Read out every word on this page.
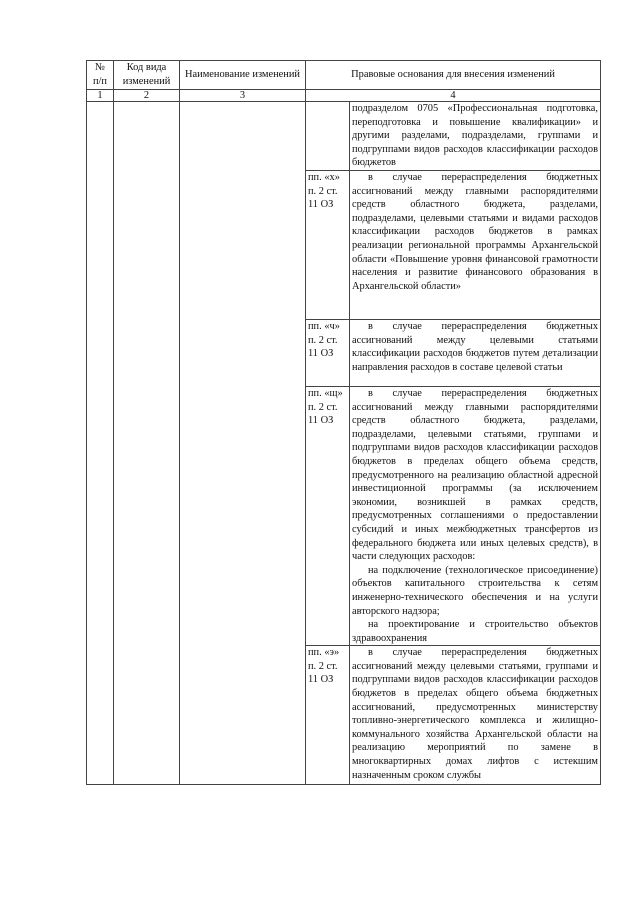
№ п/п	Код вида изменений	Наименование изменений	Правовые основания для внесения изменений	
1	2	3	4	

				подразделом 0705 «Профессиональная подготовка, переподготовка и повышение квалификации» и другими разделами, подразделами, группами и подгруппами видов расходов классификации расходов бюджетов

			пп. «х» п. 2 ст. 11 ОЗ	в случае перераспределения бюджетных ассигнований между главными распорядителями средств областного бюджета, разделами, подразделами, целевыми статьями и видами расходов классификации расходов бюджетов в рамках реализации региональной программы Архангельской области «Повышение уровня финансовой грамотности населения и развитие финансового образования в Архангельской области»

			пп. «ч» п. 2 ст. 11 ОЗ	в случае перераспределения бюджетных ассигнований между целевыми статьями классификации расходов бюджетов путем детализации направления расходов в составе целевой статьи

			пп. «щ» п. 2 ст. 11 ОЗ	в случае перераспределения бюджетных ассигнований между главными распорядителями средств областного бюджета, разделами, подразделами, целевыми статьями, группами и подгруппами видов расходов классификации расходов бюджетов в пределах общего объема средств, предусмотренного на реализацию областной адресной инвестиционной программы (за исключением экономии, возникшей в рамках средств, предусмотренных соглашениями о предоставлении субсидий и иных межбюджетных трансфертов из федерального бюджета или иных целевых средств), в части следующих расходов:

на подключение (технологическое присоединение) объектов капитального строительства к сетям инженерно-технического обеспечения и на услуги авторского надзора;

на проектирование и строительство объектов здравоохранения

			пп. «э» п. 2 ст. 11 ОЗ	в случае перераспределения бюджетных ассигнований между целевыми статьями, группами и подгруппами видов расходов классификации расходов бюджетов в пределах общего объема бюджетных ассигнований, предусмотренных министерству топливно-энергетического комплекса и жилищно-коммунального хозяйства Архангельской области на реализацию мероприятий по замене в многоквартирных домах лифтов с истекшим назначенным сроком службы
